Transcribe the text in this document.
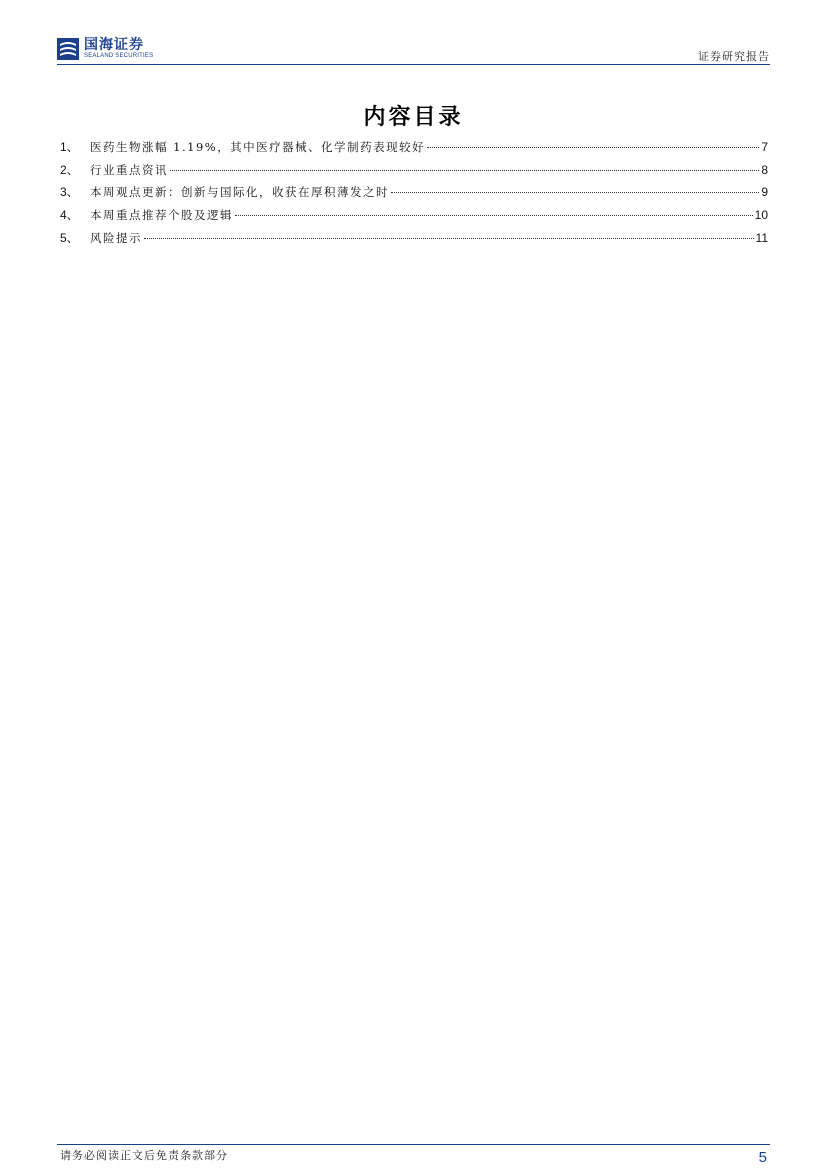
国海证券
SEALAND SECURITIES	证券研究报告
内容目录
1、 医药生物涨幅 1.19%，其中医疗器械、化学制药表现较好	7
2、 行业重点资讯	8
3、 本周观点更新：创新与国际化，收获在厚积薄发之时	9
4、 本周重点推荐个股及逻辑	10
5、 风险提示	11
请务必阅读正文后免责条款部分	5
